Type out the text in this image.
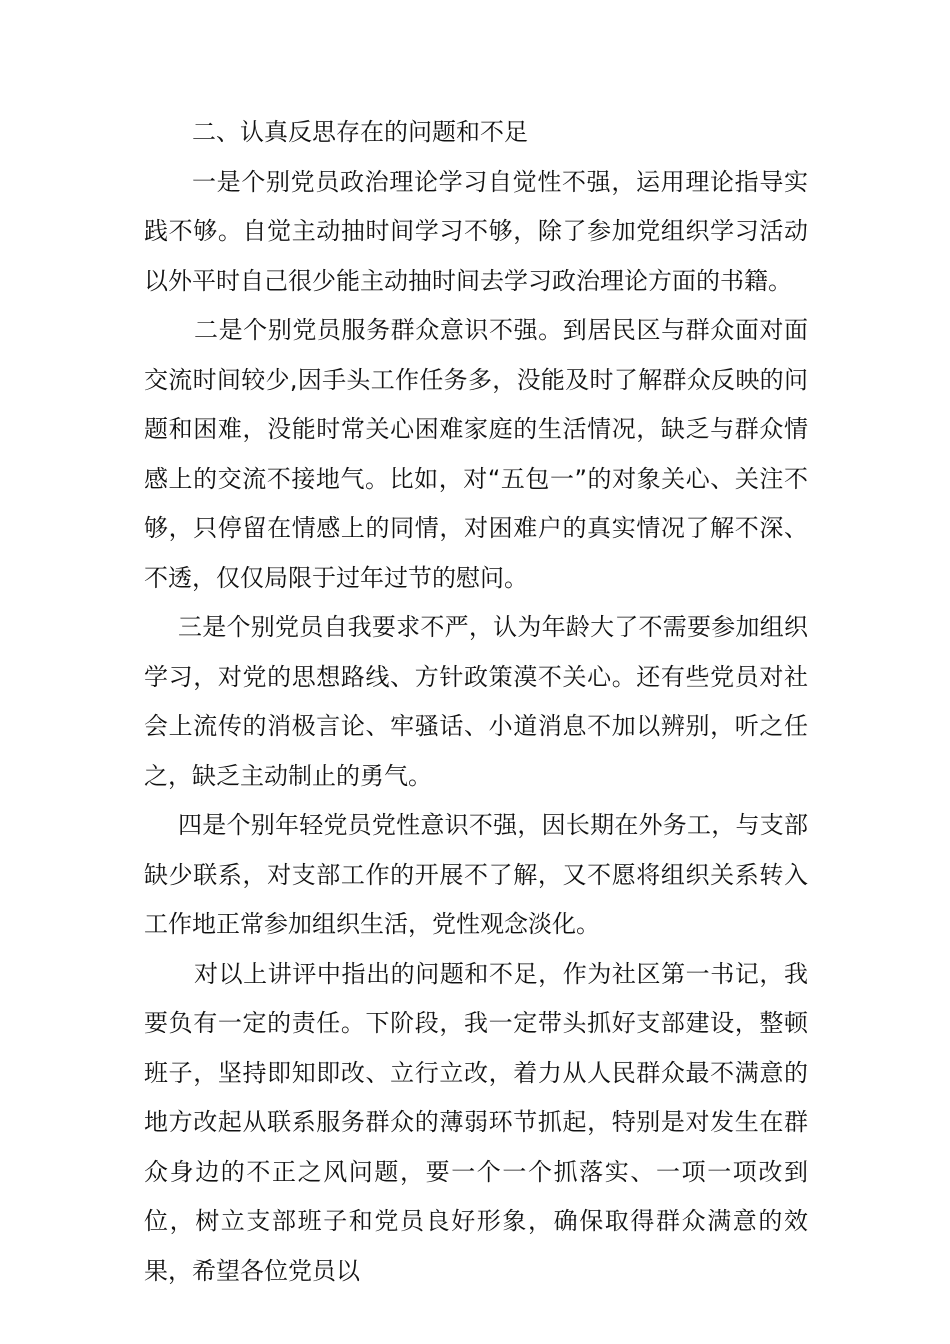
二、认真反思存在的问题和不足

一是个别党员政治理论学习自觉性不强，运用理论指导实践不够。自觉主动抽时间学习不够，除了参加党组织学习活动以外平时自己很少能主动抽时间去学习政治理论方面的书籍。

二是个别党员服务群众意识不强。到居民区与群众面对面交流时间较少,因手头工作任务多，没能及时了解群众反映的问题和困难，没能时常关心困难家庭的生活情况，缺乏与群众情感上的交流不接地气。比如，对“五包一”的对象关心、关注不够，只停留在情感上的同情，对困难户的真实情况了解不深、不透，仅仅局限于过年过节的慰问。

三是个别党员自我要求不严，认为年龄大了不需要参加组织学习，对党的思想路线、方针政策漠不关心。还有些党员对社会上流传的消极言论、牢骚话、小道消息不加以辨别，听之任之，缺乏主动制止的勇气。

四是个别年轻党员党性意识不强，因长期在外务工，与支部缺少联系，对支部工作的开展不了解，又不愿将组织关系转入工作地正常参加组织生活，党性观念淡化。

对以上讲评中指出的问题和不足，作为社区第一书记，我要负有一定的责任。下阶段，我一定带头抓好支部建设，整顿班子，坚持即知即改、立行立改，着力从人民群众最不满意的地方改起从联系服务群众的薄弱环节抓起，特别是对发生在群众身边的不正之风问题，要一个一个抓落实、一项一项改到位，树立支部班子和党员良好形象，确保取得群众满意的效果，希望各位党员以
